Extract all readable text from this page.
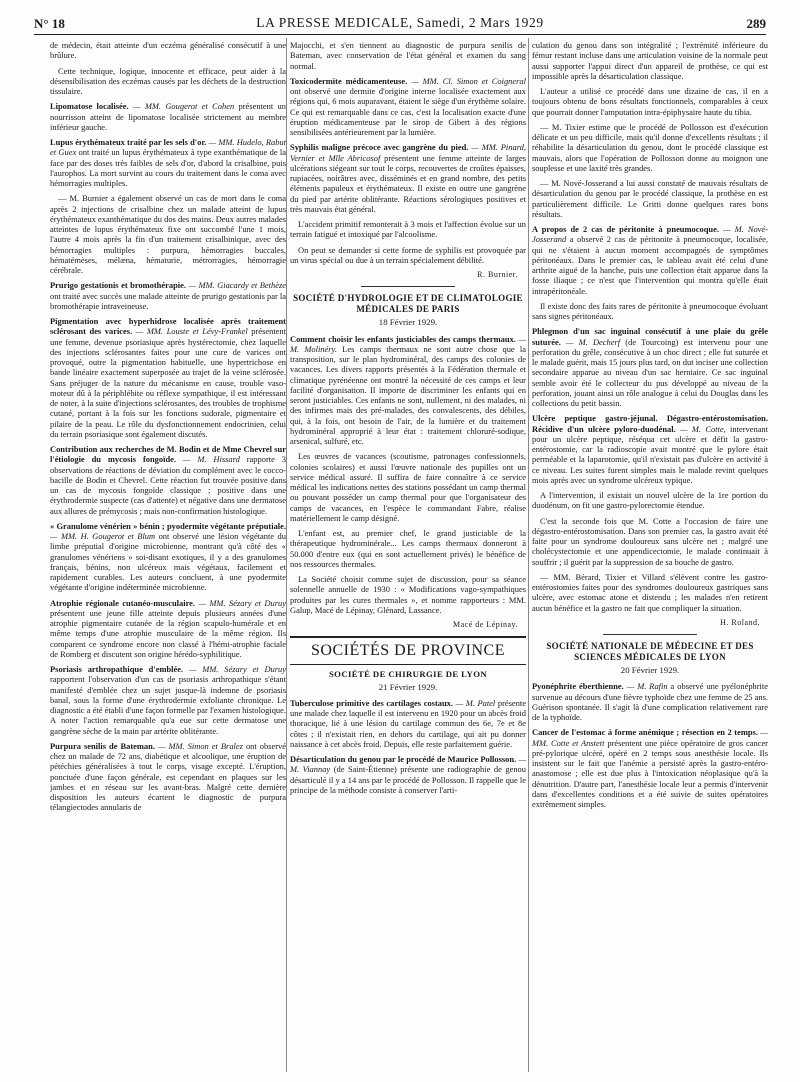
N° 18	LA PRESSE MEDICALE, Samedi, 2 Mars 1929	289

de médecin, était atteinte d'un eczéma généralisé consécutif à une brûlure.

Cette technique, logique, innocente et efficace, peut aider à la désensibilisation des eczémas causés par les déchets de la destruction tissulaire.

Lipomatose localisée. — MM. Gougerot et Cohen présentent un nourrisson atteint de lipomatose localisée strictement au membre inférieur gauche.

Lupus érythémateux traité par les sels d'or. — MM. Hudelo, Rabut et Guex ont traité un lupus érythémateux à type exanthématique de la face par des doses très faibles de sels d'or, d'abord la crisalbine, puis l'aurophos. La mort survint au cours du traitement dans le coma avec hémorragies multiples.

— M. Burnier a également observé un cas de mort dans le coma après 2 injections de crisalbine chez un malade atteint de lupus érythémateux exanthématique du dos des mains. Deux autres malades atteintes de lupus érythémateux fixe ont succombé l'une 1 mois, l'autre 4 mois après la fin d'un traitement crisalbinique, avec des hémorragies multiples : purpura, hémorragies buccales, hématémèses, mélæna, hématurie, métrorragies, hémorragie cérébrale.

Prurigo gestationis et bromothérapie. — MM. Giacardy et Bethèze ont traité avec succès une malade atteinte de prurigo gestationis par la bromothérapie intraveineuse.

Pigmentation avec hyperhidrose localisée après traitement sclérosant des varices. — MM. Louste et Lévy-Frankel présentent une femme, devenue psoriasique après hystérectomie, chez laquelle des injections sclérosantes faites pour une cure de varices ont provoqué, outre la pigmentation habituelle, une hypertrichose en bande linéaire exactement superposée au trajet de la veine sclérosée. Sans préjuger de la nature du mécanisme en cause, trouble vaso-moteur dû à la périphlébite ou réflexe sympathique, il est intéressant de noter, à la suite d'injections sclérosantes, des troubles de trophisme cutané, portant à la fois sur les fonctions sudorale, pigmentaire et pilaire de la peau. Le rôle du dysfonctionnement endocrinien, celui du terrain psoriasique sont également discutés.

Contribution aux recherches de M. Bodin et de Mme Chevrel sur l'étiologie du mycosis fongoïde. — M. Hissard rapporte 3 observations de réactions de déviation du complément avec le cocco-bacille de Bodin et Chevrel. Cette réaction fut trouvée positive dans un cas de mycosis fongoïde classique ; positive dans une érythrodermie suspecte (cas d'attente) et négative dans une dermatose aux allures de prémycosis ; mais non-confirmation histologique.

« Granulome vénérien » bénin ; pyodermite végétante préputiale. — MM. H. Gougerot et Blum ont observé une lésion végétante du limbe préputial d'origine microbienne, montrant qu'à côté des « granulomes vénériens » soi-disant exotiques, il y a des granulomes français, bénins, non ulcéreux mais végétaux, facilement et rapidement curables. Les auteurs concluent, à une pyodermite végétante d'origine indéterminée microbienne.

Atrophie régionale cutanéo-musculaire. — MM. Sézary et Duruy présentent une jeune fille atteinte depuis plusieurs années d'une atrophie pigmentaire cutanée de la région scapulo-humérale et en même temps d'une atrophie musculaire de la même région. Ils comparent ce syndrome encore non classé à l'hémi-atrophie faciale de Romberg et discutent son origine hérédo-syphilitique.

Psoriasis arthropathique d'emblée. — MM. Sézary et Duruy rapportent l'observation d'un cas de psoriasis arthropathique s'étant manifesté d'emblée chez un sujet jusque-là indemne de psoriasis banal, sous la forme d'une érythrodermie exfoliante chronique. Le diagnostic a été établi d'une façon formelle par l'examen histologique. A noter l'action remarquable qu'a eue sur cette dermatose une gangrène sèche de la main par artérite oblitérante.

Purpura senilis de Bateman. — MM. Simon et Bralez ont observé chez un malade de 72 ans, diabétique et alcoolique, une éruption de pétéchies généralisées à tout le corps, visage excepté. L'éruption, ponctuée d'une façon générale, est cependant en plaques sur les jambes et en réseau sur les avant-bras. Malgré cette dernière disposition les auteurs écartent le diagnostic de purpura télangiectodes annularis de

Majocchi, et s'en tiennent au diagnostic de purpura senilis de Bateman, avec conservation de l'état général et examen du sang normal.

Toxicodermite médicamenteuse. — MM. Cl. Simon et Coigneral ont observé une dermite d'origine interne localisée exactement aux régions qui, 6 mois auparavant, étaient le siège d'un érythème solaire. Ce qui est remarquable dans ce cas, c'est la localisation exacte d'une éruption médicamenteuse par le sirop de Gibert à des régions sensibilisées antérieurement par la lumière.

Syphilis maligne précoce avec gangrène du pied. — MM. Pinard, Vernier et Mlle Abricosof présentent une femme atteinte de larges ulcérations siégeant sur tout le corps, recouvertes de croûtes épaisses, rupiacées, noirâtres avec, disséminés et en grand nombre, des petits éléments papuleux et érythémateux. Il existe en outre une gangrène du pied par artérite oblitérante. Réactions sérologiques positives et très mauvais état général.

L'accident primitif remonterait à 3 mois et l'affection évolue sur un terrain fatigué et intoxiqué par l'alcoolisme.

On peut se demander si cette forme de syphilis est provoquée par un virus spécial ou due à un terrain spécialement débilité.

R. Burnier.
SOCIÉTÉ D'HYDROLOGIE ET DE CLIMATOLOGIE MÉDICALES DE PARIS
18 Février 1929.

Comment choisir les enfants justiciables des camps thermaux. — M. Molinéry. Les camps thermaux ne sont autre chose que la transposition, sur le plan hydrominéral, des camps des colonies de vacances. Les divers rapports présentés à la Fédération thermale et climatique pyrénéenne ont montré la nécessité de ces camps et leur facilité d'organisation. Il importe de discriminer les enfants qui en seront justiciables. Ces enfants ne sont, nullement, ni des malades, ni des infirmes mais des pré-malades, des convalescents, des débiles, qui, à la fois, ont besoin de l'air, de la lumière et du traitement hydrominéral approprié à leur état : traitement chloruré-sodique, arsenical, sulfuré, etc.

Les œuvres de vacances (scoutisme, patronages confessionnels, colonies scolaires) et aussi l'œuvre nationale des pupilles ont un service médical assuré. Il suffira de faire connaître à ce service médical les indications nettes des stations possédant un camp thermal ou pouvant posséder un camp thermal pour que l'organisateur des camps de vacances, en l'espèce le commandant Fabre, réalise matériellement le camp désigné.

L'enfant est, au premier chef, le grand justiciable de la thérapeutique hydrominérale... Les camps thermaux donneront à 50.000 d'entre eux (qui en sont actuellement privés) le bénéfice de nos ressources thermales.

La Société choisit comme sujet de discussion, pour sa séance solennelle annuelle de 1930 : « Modifications vago-sympathiques produites par les cures thermales », et nomme rapporteurs : MM. Galup, Macé de Lépinay, Glénard, Lassance.

Macé de Lépinay.
SOCIÉTÉS DE PROVINCE
SOCIÉTÉ DE CHIRURGIE DE LYON
21 Février 1929.

Tuberculose primitive des cartilages costaux. — M. Patel présente une malade chez laquelle il est intervenu en 1920 pour un abcès froid thoracique, lié à une lésion du cartilage commun des 6e, 7e et 8e côtes ; il n'existait rien, en dehors du cartilage, qui ait pu donner naissance à cet abcès froid. Depuis, elle reste parfaitement guérie.

Désarticulation du genou par le procédé de Maurice Pollosson. — M. Viannay (de Saint-Étienne) présente une radiographie de genou désarticulé il y a 14 ans par le procédé de Pollosson. Il rappelle que le principe de la méthode consiste à conserver l'arti-

culation du genou dans son intégralité ; l'extrémité inférieure du fémur restant incluse dans une articulation voisine de la normale peut aussi supporter l'appui direct d'un appareil de prothèse, ce qui est impossible après la désarticulation classique.

L'auteur a utilisé ce procédé dans une dizaine de cas, il en a toujours obtenu de bons résultats fonctionnels, comparables à ceux que pourrait donner l'amputation intra-épiphysaire haute du tibia.

— M. Tixier estime que le procédé de Pollosson est d'exécution délicate et un peu difficile, mais qu'il donne d'excellents résultats ; il réhabilite la désarticulation du genou, dont le procédé classique est mauvais, alors que l'opération de Pollosson donne au moignon une souplesse et une laxité très grandes.

— M. Nové-Josserand a lui aussi constaté de mauvais résultats de désarticulation du genou par le procédé classique, la prothèse en est particulièrement difficile. Le Gritti donne quelques rares bons résultats.

A propos de 2 cas de péritonite à pneumocoque. — M. Nové-Josserand a observé 2 cas de péritonite à pneumocoque, localisée, qui ne s'étaient à aucun moment accompagnés de symptômes péritonéaux. Dans le premier cas, le tableau avait été celui d'une arthrite aiguë de la hanche, puis une collection était apparue dans la fosse iliaque ; ce n'est que l'intervention qui montra qu'elle était intrapéritonéale.

Il existe donc des faits rares de péritonite à pneumocoque évoluant sans signes péritonéaux.

Phlegmon d'un sac inguinal consécutif à une plaie du grêle suturée. — M. Decherf (de Tourcoing) est intervenu pour une perforation du grêle, consécutive à un choc direct ; elle fut suturée et le malade guérit, mais 15 jours plus tard, on dut inciser une collection secondaire apparue au niveau d'un sac herniaire. Ce sac inguinal semble avoir été le collecteur du pus développé au niveau de la perforation, jouant ainsi un rôle analogue à celui du Douglas dans les collections du petit bassin.

Ulcère peptique gastro-jéjunal. Dégastro-entérostomisation. Récidive d'un ulcère pyloro-duodénal. — M. Cotte, intervenant pour un ulcère peptique, réséqua cet ulcère et défit la gastro-entérostomie, car la radioscopie avait montré que le pylore était perméable et la laparotomie, qu'il n'existait pas d'ulcère en activité à ce niveau. Les suites furent simples mais le malade revint quelques mois après avec un syndrome ulcéreux typique.

A l'intervention, il existait un nouvel ulcère de la 1re portion du duodénum, on fit une gastro-pylorectomie étendue.

C'est la seconde fois que M. Cotte a l'occasion de faire une dégastro-entérostomisation. Dans son premier cas, la gastro avait été faite pour un syndrome douloureux sans ulcère net ; malgré une cholécystectomie et une appendicectomie, le malade continuait à souffrir ; il guérit par la suppression de sa bouche de gastro.

— MM. Bérard, Tixier et Villard s'élèvent contre les gastro-entérostomies faites pour des syndromes douloureux gastriques sans ulcère, avec estomac atone et distendu ; les malades n'en retirent aucun bénéfice et la gastro ne fait que compliquer la situation.

H. Roland.
SOCIÉTÉ NATIONALE DE MÉDECINE ET DES SCIENCES MÉDICALES DE LYON
20 Février 1929.

Pyonéphrite éberthienne. — M. Rafin a observé une pyélonéphrite survenue au décours d'une fièvre typhoïde chez une femme de 25 ans. Guérison spontanée. Il s'agit là d'une complication relativement rare de la typhoïde.

Cancer de l'estomac à forme anémique ; résection en 2 temps. — MM. Cotte et Anstett présentent une pièce opératoire de gros cancer pré-pylorique ulcéré, opéré en 2 temps sous anesthésie locale. Ils insistent sur le fait que l'anémie a persisté après la gastro-entéro-anastomose ; elle est due plus à l'intoxication néoplasique qu'à la dénutrition. D'autre part, l'anesthésie locale leur a permis d'intervenir dans d'excellentes conditions et a été suivie de suites opératoires extrêmement simples.
